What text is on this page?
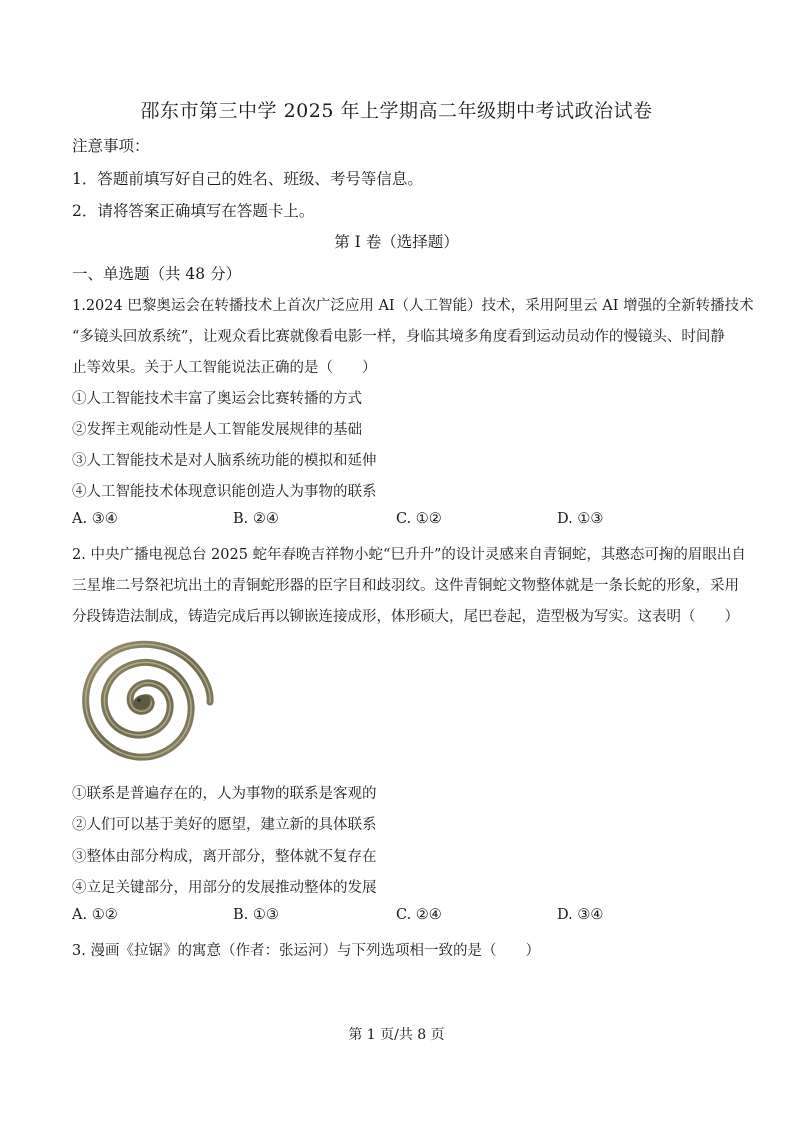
邵东市第三中学 2025 年上学期高二年级期中考试政治试卷
注意事项：
1．答题前填写好自己的姓名、班级、考号等信息。
2．请将答案正确填写在答题卡上。
第 I 卷（选择题）
一、单选题（共 48 分）
1.2024 巴黎奥运会在转播技术上首次广泛应用 AI（人工智能）技术，采用阿里云 AI 增强的全新转播技术
“多镜头回放系统”，让观众看比赛就像看电影一样，身临其境多角度看到运动员动作的慢镜头、时间静
止等效果。关于人工智能说法正确的是（　　）
①人工智能技术丰富了奥运会比赛转播的方式
②发挥主观能动性是人工智能发展规律的基础
③人工智能技术是对人脑系统功能的模拟和延伸
④人工智能技术体现意识能创造人为事物的联系
A. ③④	B. ②④	C. ①②	D. ①③
2. 中央广播电视总台 2025 蛇年春晚吉祥物小蛇“巳升升”的设计灵感来自青铜蛇，其憨态可掬的眉眼出自
三星堆二号祭祀坑出土的青铜蛇形器的臣字目和歧羽纹。这件青铜蛇文物整体就是一条长蛇的形象，采用
分段铸造法制成，铸造完成后再以铆嵌连接成形，体形硕大，尾巴卷起，造型极为写实。这表明（　　）
①联系是普遍存在的，人为事物的联系是客观的
②人们可以基于美好的愿望，建立新的具体联系
③整体由部分构成，离开部分，整体就不复存在
④立足关键部分，用部分的发展推动整体的发展
A. ①②	B. ①③	C. ②④	D. ③④
3. 漫画《拉锯》的寓意（作者：张运河）与下列选项相一致的是（　　）
第 1 页/共 8 页
